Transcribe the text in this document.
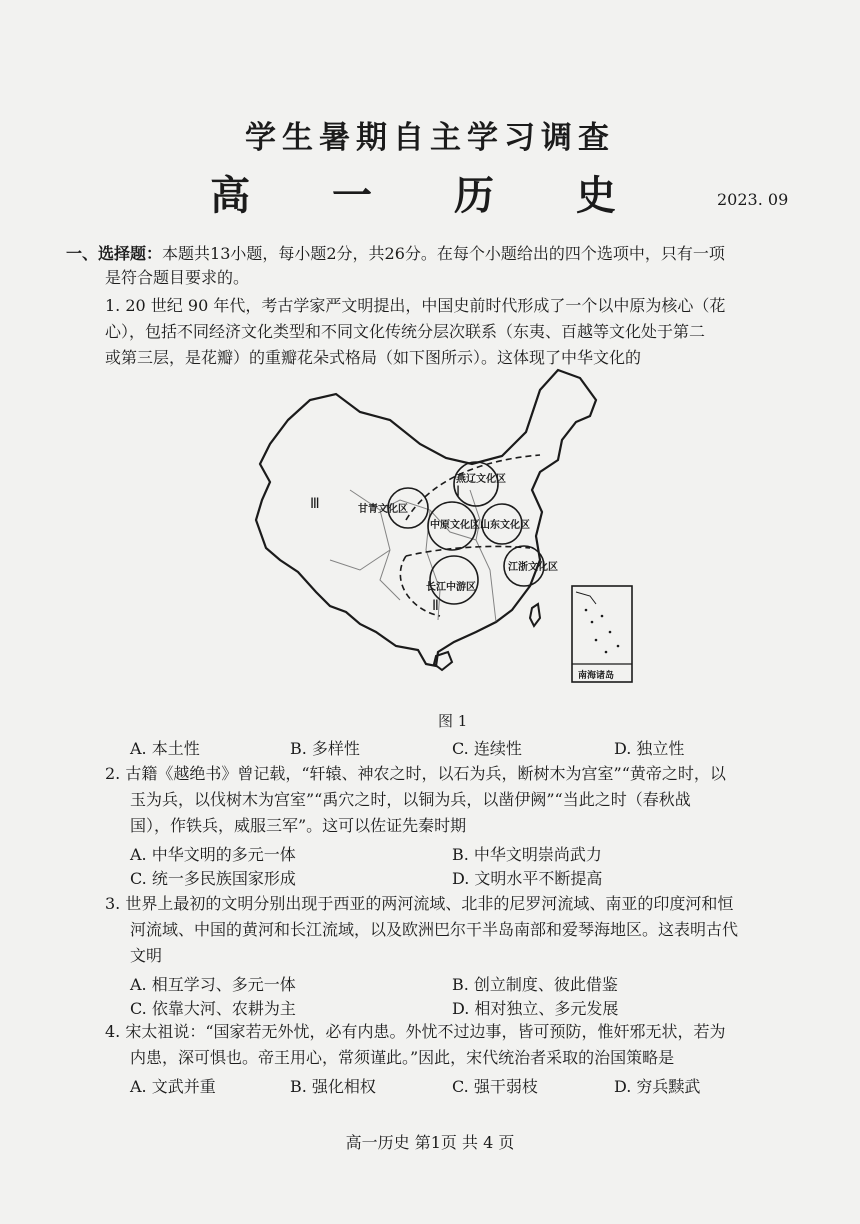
学生暑期自主学习调查
高 一 历 史	2023. 09
一、选择题：本题共13小题，每小题2分，共26分。在每个小题给出的四个选项中，只有一项
是符合题目要求的。
1. 20 世纪 90 年代，考古学家严文明提出，中国史前时代形成了一个以中原为核心（花
心），包括不同经济文化类型和不同文化传统分层次联系（东夷、百越等文化处于第二
或第三层，是花瓣）的重瓣花朵式格局（如下图所示）。这体现了中华文化的
燕辽文化区
甘青文化区
中原文化区 山东文化区
江浙文化区
长江中游区
Ⅰ
Ⅱ
Ⅲ
南海诸岛
图 1
A. 本土性	B. 多样性	C. 连续性	D. 独立性
2. 古籍《越绝书》曾记载，“轩辕、神农之时，以石为兵，断树木为宫室”“黄帝之时，以
玉为兵，以伐树木为宫室”“禹穴之时，以铜为兵，以凿伊阙”“当此之时（春秋战
国），作铁兵，威服三军”。这可以佐证先秦时期
A. 中华文明的多元一体	B. 中华文明崇尚武力
C. 统一多民族国家形成	D. 文明水平不断提高
3. 世界上最初的文明分别出现于西亚的两河流域、北非的尼罗河流域、南亚的印度河和恒
河流域、中国的黄河和长江流域，以及欧洲巴尔干半岛南部和爱琴海地区。这表明古代
文明
A. 相互学习、多元一体	B. 创立制度、彼此借鉴
C. 依靠大河、农耕为主	D. 相对独立、多元发展
4. 宋太祖说：“国家若无外忧，必有内患。外忧不过边事，皆可预防，惟奸邪无状，若为
内患，深可惧也。帝王用心，常须谨此。”因此，宋代统治者采取的治国策略是
A. 文武并重	B. 强化相权	C. 强干弱枝	D. 穷兵黩武
高一历史 第1页 共 4 页
